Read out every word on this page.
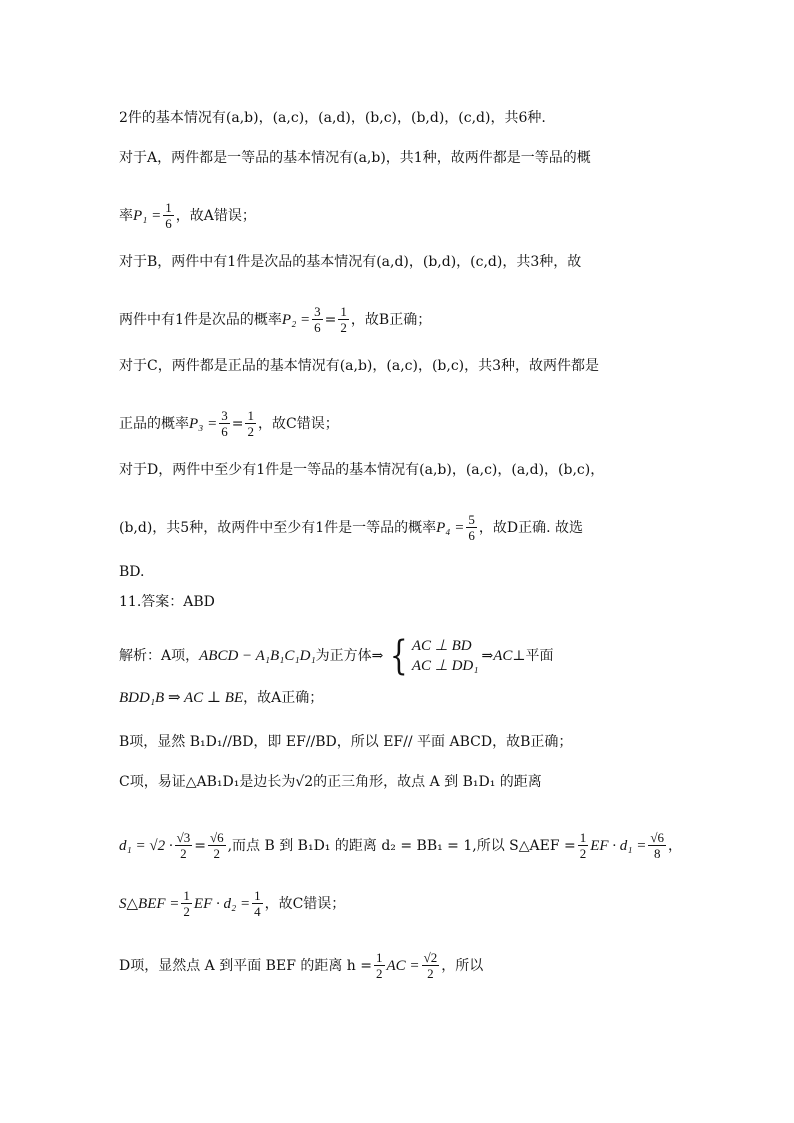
2件的基本情况有(a,b)，(a,c)，(a,d)，(b,c)，(b,d)，(c,d)，共6种.
对于A，两件都是一等品的基本情况有(a,b)，共1种，故两件都是一等品的概
率 $P_1 = \frac{1}{6}$ ，故A错误；
对于B，两件中有1件是次品的基本情况有(a,d)，(b,d)，(c,d)，共3种，故
两件中有1件是次品的概率 $P_2 = \frac{3}{6} = \frac{1}{2}$ ，故B正确；
对于C，两件都是正品的基本情况有(a,b)，(a,c)，(b,c)，共3种，故两件都是
正品的概率 $P_3 = \frac{3}{6} = \frac{1}{2}$ ，故C错误；
对于D，两件中至少有1件是一等品的基本情况有(a,b)，(a,c)，(a,d)，(b,c)，
(b,d)，共5种，故两件中至少有1件是一等品的概率 $P_4 = \frac{5}{6}$ ，故D正确. 故选
BD.
11.答案：ABD
解析：A项， ABCD − A₁B₁C₁D₁ 为正方体⇒ { AC ⊥ BD
AC ⊥ DD₁
⇒ AC ⊥平面
BDD₁B ⇒ AC ⊥ BE ，故A正确；
B项，显然 B₁D₁//BD，即 EF//BD，所以 EF// 平面 ABCD，故B正确；
C项，易证△AB₁D₁是边长为√2的正三角形，故点 A 到 B₁D₁ 的距离
$d_1 = √2 \cdot \frac{√3}{2} = \frac{√6}{2}$ ,而点 B 到 B₁D₁ 的距离 d₂ = BB₁ = 1,所以 S△AEF = $\frac{1}{2}$ EF · $d_1 = \frac{√6}{8}$ ，
S△BEF = $\frac{1}{2}$ EF · $d_2 = \frac{1}{4}$ ，故C错误；
D项，显然点 A 到平面 BEF 的距离 $h = \frac{1}{2}$ AC = $\frac{√2}{2}$ ，所以
